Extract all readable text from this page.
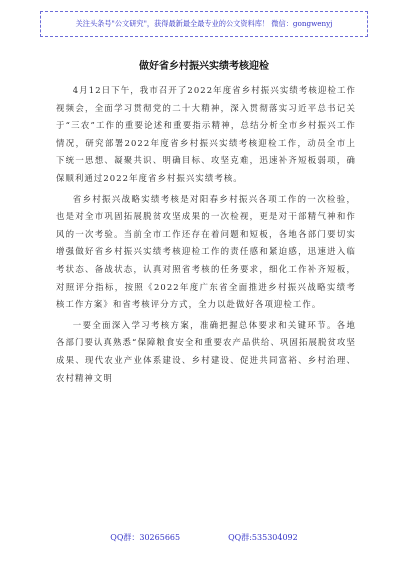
关注头条号"公文研究"，获得最新最全最专业的公文资料库！ 微信：gongwenyj
做好省乡村振兴实绩考核迎检

4月12日下午，我市召开了2022年度省乡村振兴实绩考核迎检工作视频会，全面学习贯彻党的二十大精神，深入贯彻落实习近平总书记关于“三农”工作的重要论述和重要指示精神，总结分析全市乡村振兴工作情况，研究部署2022年度省乡村振兴实绩考核迎检工作，动员全市上下统一思想、凝聚共识、明确目标、攻坚克难，迅速补齐短板弱项，确保顺利通过2022年度省乡村振兴实绩考核。

省乡村振兴战略实绩考核是对阳春乡村振兴各项工作的一次检验，也是对全市巩固拓展脱贫攻坚成果的一次检视，更是对干部精气神和作风的一次考验。当前全市工作还存在着问题和短板，各地各部门要切实增强做好省乡村振兴实绩考核迎检工作的责任感和紧迫感，迅速进入临考状态、备战状态，认真对照省考核的任务要求，细化工作补齐短板，对照评分指标，按照《2022年度广东省全面推进乡村振兴战略实绩考核工作方案》和省考核评分方式，全力以赴做好各项迎检工作。

一要全面深入学习考核方案，准确把握总体要求和关键环节。各地各部门要认真熟悉“保障粮食安全和重要农产品供给、巩固拓展脱贫攻坚成果、现代农业产业体系建设、乡村建设、促进共同富裕、乡村治理、农村精神文明

QQ群：30265665	QQ群:535304092
